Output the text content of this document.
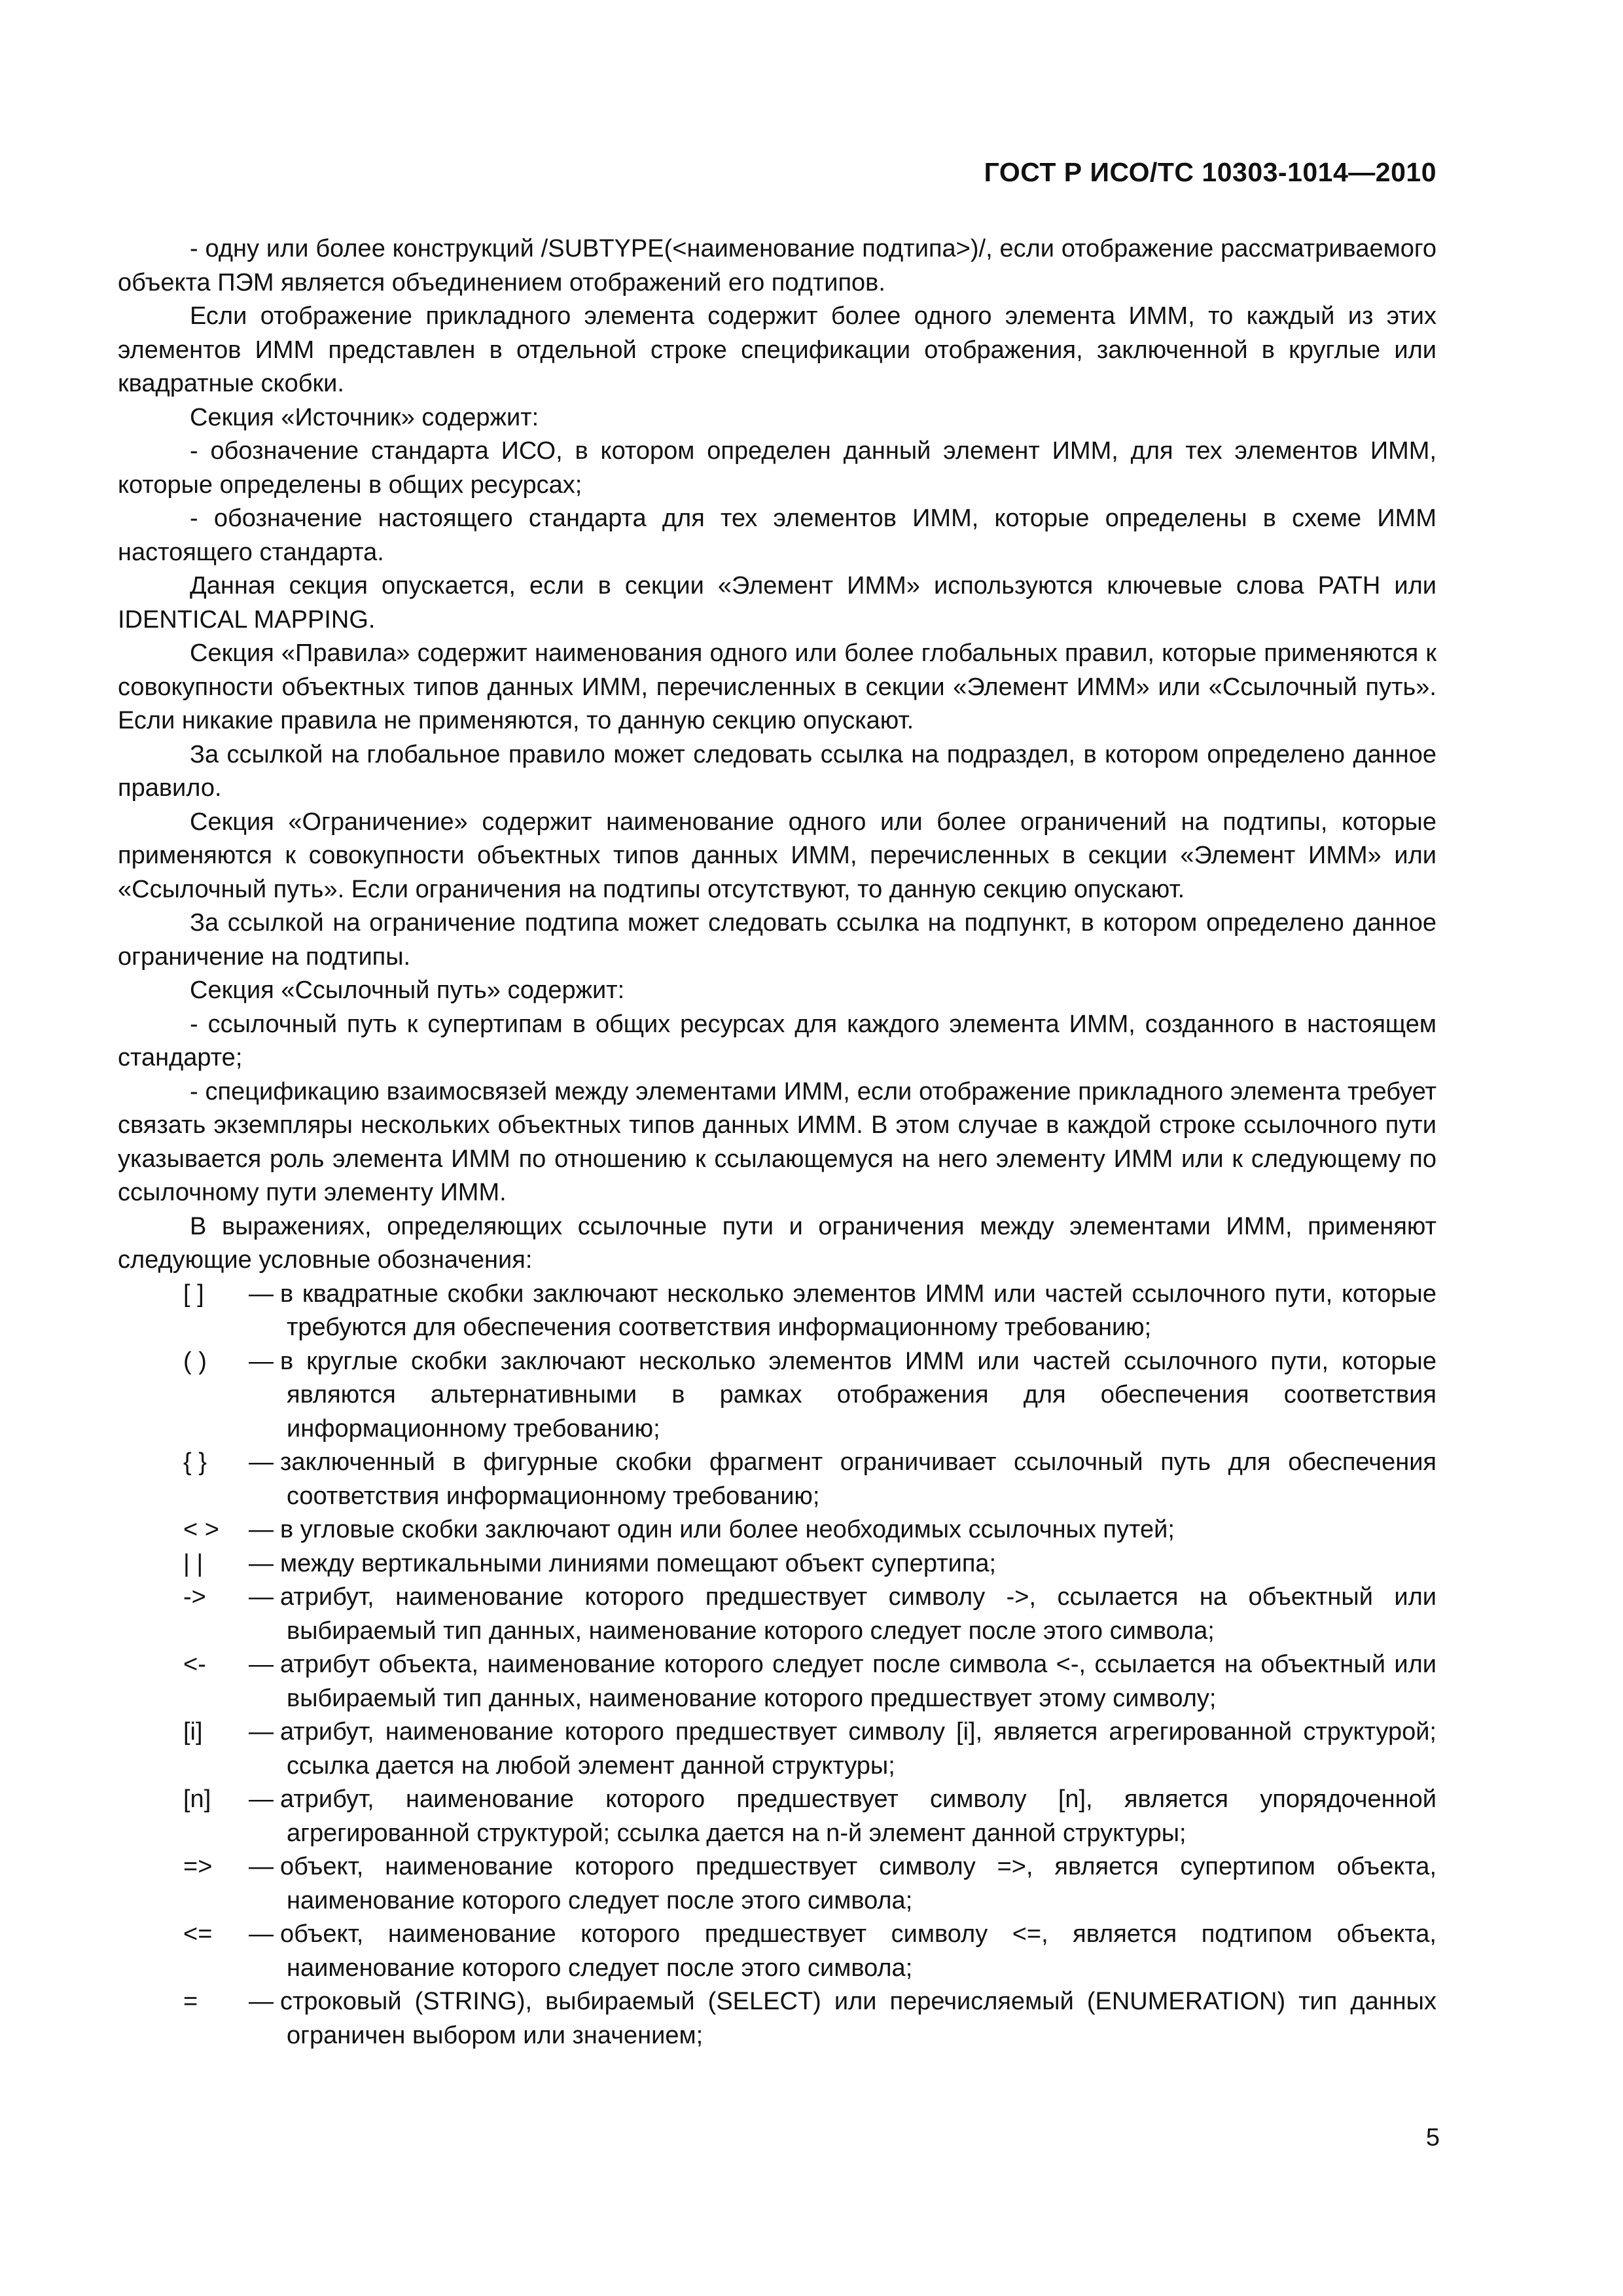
ГОСТ Р ИСО/ТС 10303-1014—2010

- одну или более конструкций /SUBTYPE(<наименование подтипа>)/, если отображение рассматриваемого объекта ПЭМ является объединением отображений его подтипов.

Если отображение прикладного элемента содержит более одного элемента ИММ, то каждый из этих элементов ИММ представлен в отдельной строке спецификации отображения, заключенной в круглые или квадратные скобки.

Секция «Источник» содержит:

- обозначение стандарта ИСО, в котором определен данный элемент ИММ, для тех элементов ИММ, которые определены в общих ресурсах;

- обозначение настоящего стандарта для тех элементов ИММ, которые определены в схеме ИММ настоящего стандарта.

Данная секция опускается, если в секции «Элемент ИММ» используются ключевые слова PATH или IDENTICAL MAPPING.

Секция «Правила» содержит наименования одного или более глобальных правил, которые применяются к совокупности объектных типов данных ИММ, перечисленных в секции «Элемент ИММ» или «Ссылочный путь». Если никакие правила не применяются, то данную секцию опускают.

За ссылкой на глобальное правило может следовать ссылка на подраздел, в котором определено данное правило.

Секция «Ограничение» содержит наименование одного или более ограничений на подтипы, которые применяются к совокупности объектных типов данных ИММ, перечисленных в секции «Элемент ИММ» или «Ссылочный путь». Если ограничения на подтипы отсутствуют, то данную секцию опускают.

За ссылкой на ограничение подтипа может следовать ссылка на подпункт, в котором определено данное ограничение на подтипы.

Секция «Ссылочный путь» содержит:

- ссылочный путь к супертипам в общих ресурсах для каждого элемента ИММ, созданного в настоящем стандарте;

- спецификацию взаимосвязей между элементами ИММ, если отображение прикладного элемента требует связать экземпляры нескольких объектных типов данных ИММ. В этом случае в каждой строке ссылочного пути указывается роль элемента ИММ по отношению к ссылающемуся на него элементу ИММ или к следующему по ссылочному пути элементу ИММ.

В выражениях, определяющих ссылочные пути и ограничения между элементами ИММ, применяют следующие условные обозначения:

[ ]	— в квадратные скобки заключают несколько элементов ИММ или частей ссылочного пути, которые требуются для обеспечения соответствия информационному требованию;
( )	— в круглые скобки заключают несколько элементов ИММ или частей ссылочного пути, которые являются альтернативными в рамках отображения для обеспечения соответствия информационному требованию;
{ }	— заключенный в фигурные скобки фрагмент ограничивает ссылочный путь для обеспечения соответствия информационному требованию;
< >	— в угловые скобки заключают один или более необходимых ссылочных путей;
| |	— между вертикальными линиями помещают объект супертипа;
->	— атрибут, наименование которого предшествует символу ->, ссылается на объектный или выбираемый тип данных, наименование которого следует после этого символа;
<-	— атрибут объекта, наименование которого следует после символа <-, ссылается на объектный или выбираемый тип данных, наименование которого предшествует этому символу;
[i]	— атрибут, наименование которого предшествует символу [i], является агрегированной структурой; ссылка дается на любой элемент данной структуры;
[n]	— атрибут, наименование которого предшествует символу [n], является упорядоченной агрегированной структурой; ссылка дается на n-й элемент данной структуры;
=>	— объект, наименование которого предшествует символу =>, является супертипом объекта, наименование которого следует после этого символа;
<=	— объект, наименование которого предшествует символу <=, является подтипом объекта, наименование которого следует после этого символа;
=	— строковый (STRING), выбираемый (SELECT) или перечисляемый (ENUMERATION) тип данных ограничен выбором или значением;
5
